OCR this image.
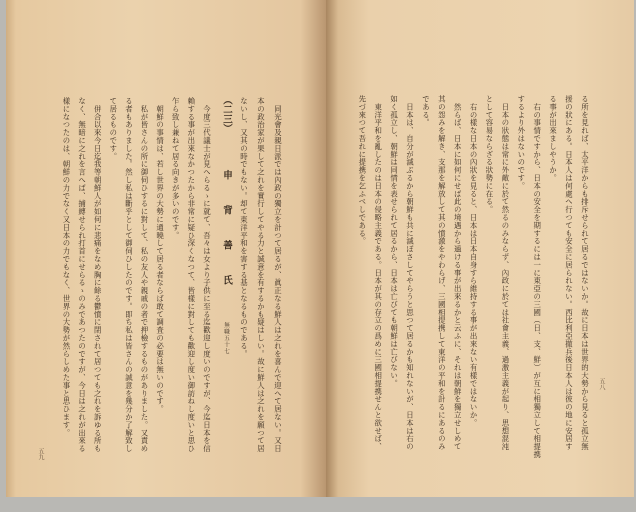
（二三）
申　背　善　氏
無職五十七
五九
　同光會及親日派では內政の獨立を計つて居るが、眞正なる鮮人は之れを喜んで迎へて居ない。又日
本の政治家が果して之れを實行してやる力と誠意を有するかも疑はしい。故に鮮人は之れを願つて居
ないし、又其の時でもない。却て東洋平和を害する基となるものである。
　今度三代議士が見へらるゝに就て、吾々は女より子供に至る迄歡迎し度いのですが、今迄日本を信
賴する事が出來なかつたから非常に疑ひ深くなつて、皆樣に對しても歡迎し度い御訪ねし度いと思ひ
乍ら致し兼ねて居る向きが多いのです。
　朝鮮の事情は、若し世界の大勢に通曉して居る者ならば敢て調査の必要は無いのです。
　私が皆さんの所に御伺ひするに對して、私の友人や親戚の者で押檢するものがありました。又責め
る者もありました。然し私は斷乎として御伺ひしたのです。即ち私は皆さんの誠意を幾分か了解致し
て居るものです。
　併合以來今日迄我等朝鮮人が如何に悲痛をなめ胸に餘る鬱憤に閉されて居つても之れを訴ゆる所も
なく、無暗に之れを言へば、捕縛せられ打首にせらるゝのみであつたのですが、今日は之れが出來る
樣になつたのは、朝鮮の力でなく又日本の力でもなく、世界の大勢が然らしめた事と思ひます。	五八
る所を見れば、太平洋からも排斥せられて居るではないか。故に日本は世界的大勢から見ると孤立無
援の狀にある。日本人は何處へ行つても安全に居られない。西比利亞撤兵後日本人は彼の地に安居す
る事が出來ましやうか。
　右の事情ですから、日本の安全を期するには一に東亞の三國（日、支、鮮）が互に相獨立して相提携
するより外はないのです。
　日本の狀態は常に外敵に於て然るのみならず、內政に於ては社會主義、過激主義が起り、思想混沌
として容易ならざる狀勢に在る。
　右の樣な日本の內狀を見ると、日本は日本自身すら維持する事が出來ない有樣ではないか。
　然らば、日本に如何にせば此の境遇から遁ける事が出來るかと云ふに、それは朝鮮を獨立せしめて
其の怨みを解き、支那を解放して其の憤激をやわらげ、三國相提携して東洋の平和を計るにあるのみ
である。
　日本は、自分が滅ぶるから朝鮮も共に滅ぼさしてやらうと思つて居るかも知れないが、日本は右の
如く孤立し、朝鮮は同情を表せられて居るから、日本は亡びても朝鮮は亡びない。
　東洋平和を亂したのは日本の侵略主義である。日本が其の存立の爲めに三國相提携せんと欲せば、
先づ來つて吾れに提携を乞ふべしである。
